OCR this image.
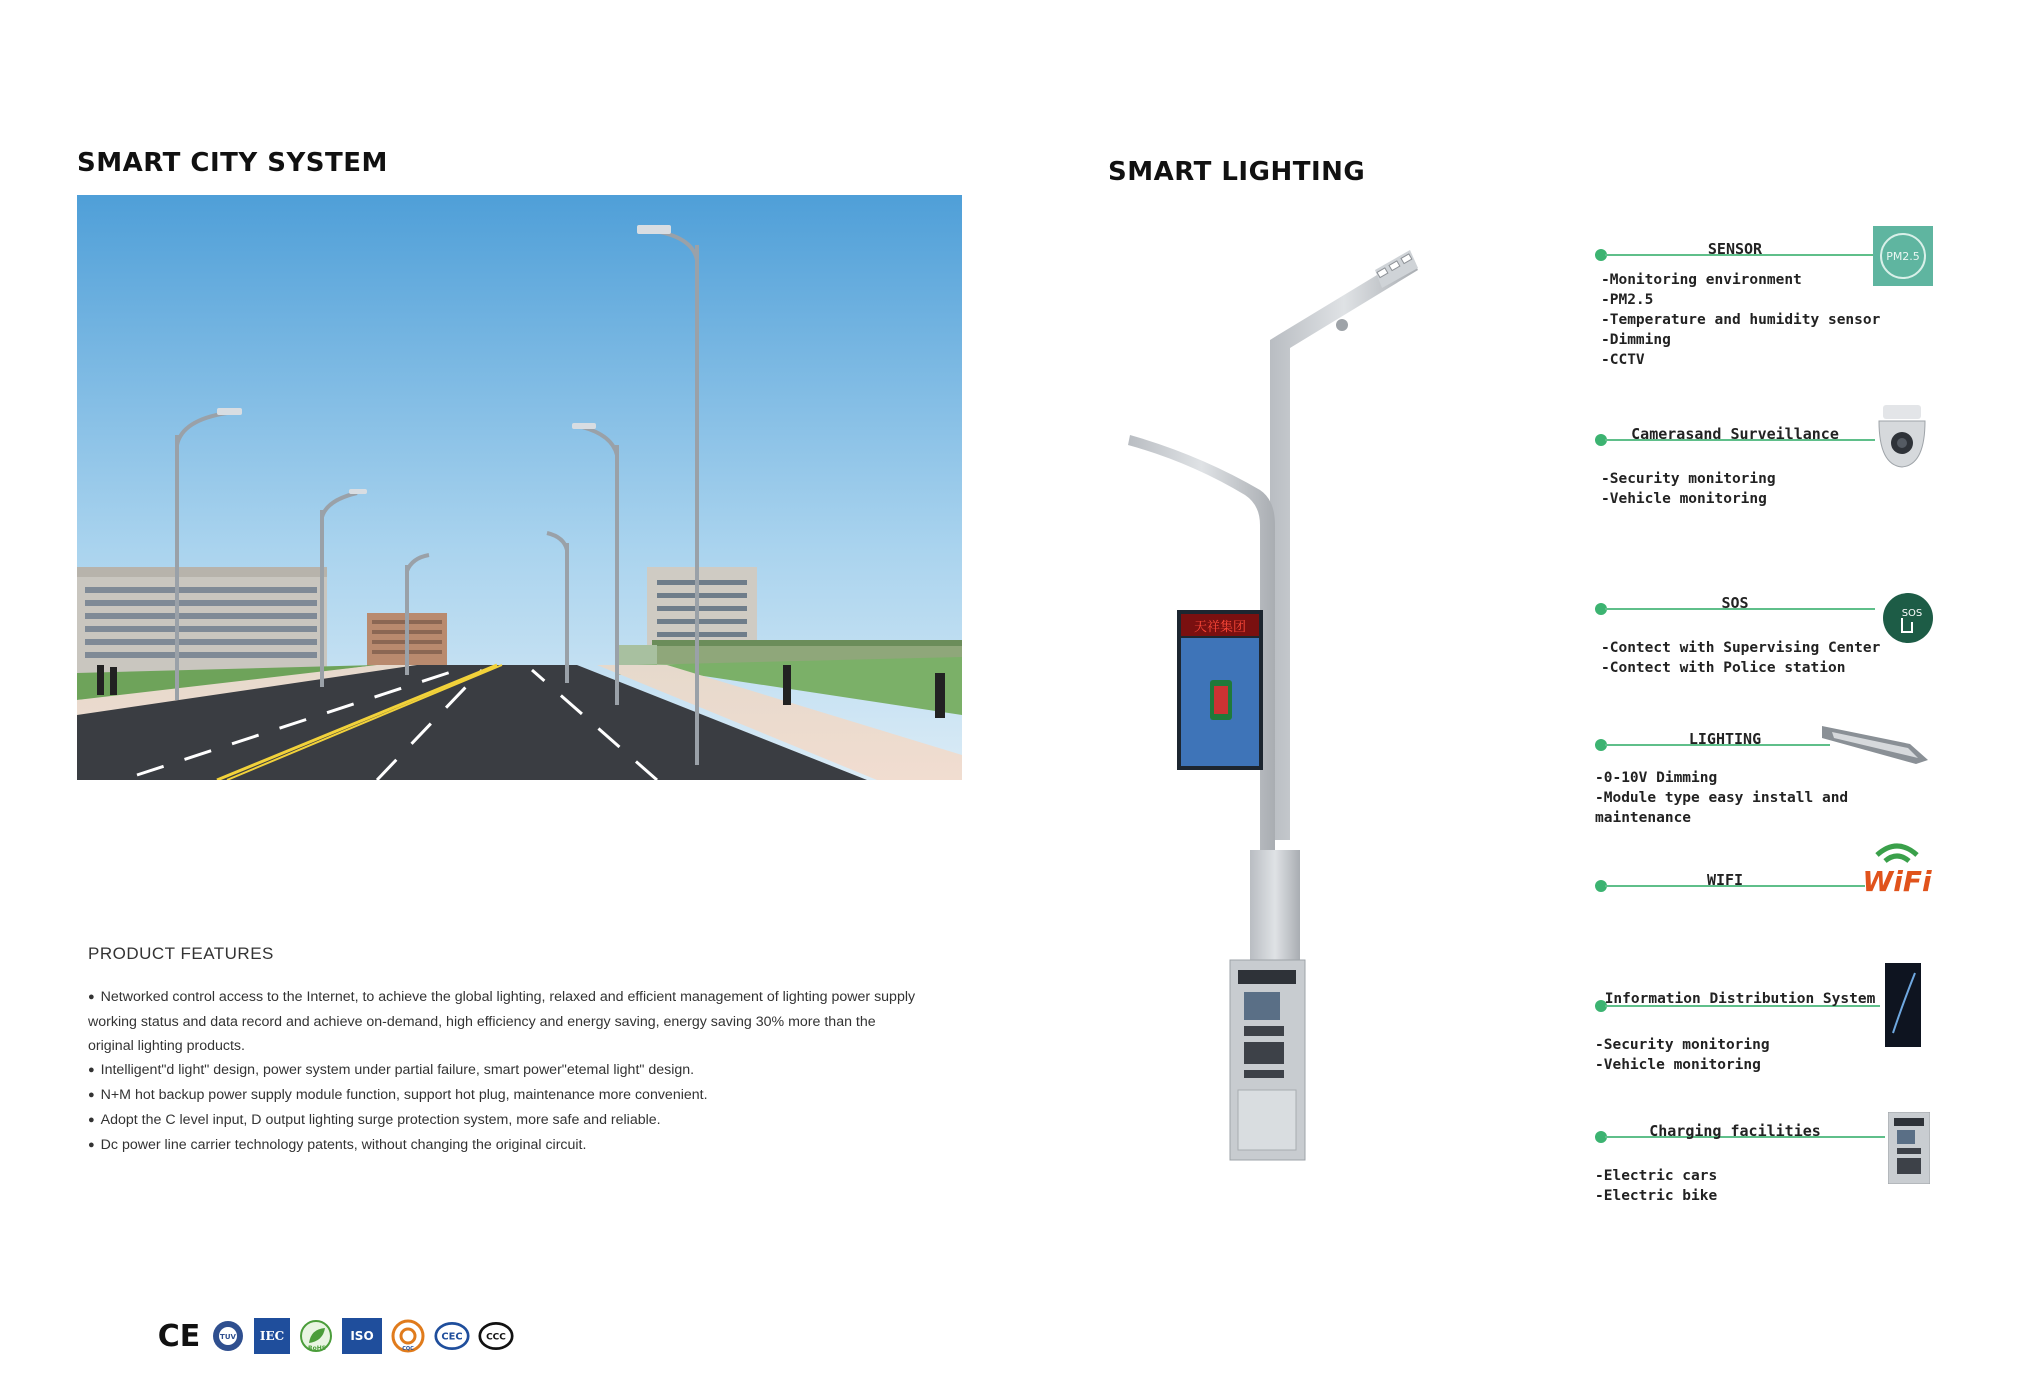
SMART CITY SYSTEM
PRODUCT FEATURES
● Networked control access to the Internet, to achieve the global lighting, relaxed and efficient management of lighting power supply working status and data record and achieve on-demand, high efficiency and energy saving, energy saving 30% more than the original lighting products.
● Intelligent"d light" design, power system under partial failure, smart power"etemal light" design.
● N+M hot backup power supply module function, support hot plug, maintenance more convenient.
● Adopt the C level input, D output lighting surge protection system, more safe and reliable.
● Dc power line carrier technology patents, without changing the original circuit.
CE	TUV	IEC
RoHS
ISO
CQC
CEC CCC
SMART LIGHTING
天祥集团
SENSOR
-Monitoring environment
-PM2.5
-Temperature and humidity sensor
-Dimming
-CCTV
PM2.5
Camerasand Surveillance
-Security monitoring
-Vehicle monitoring
SOS
-Contect with Supervising Center
-Contect with Police station
SOS
LIGHTING
-0-10V Dimming
-Module type easy install and maintenance
WIFI	WiFi
Information Distribution System
-Security monitoring
-Vehicle monitoring
Charging facilities
-Electric cars
-Electric bike
